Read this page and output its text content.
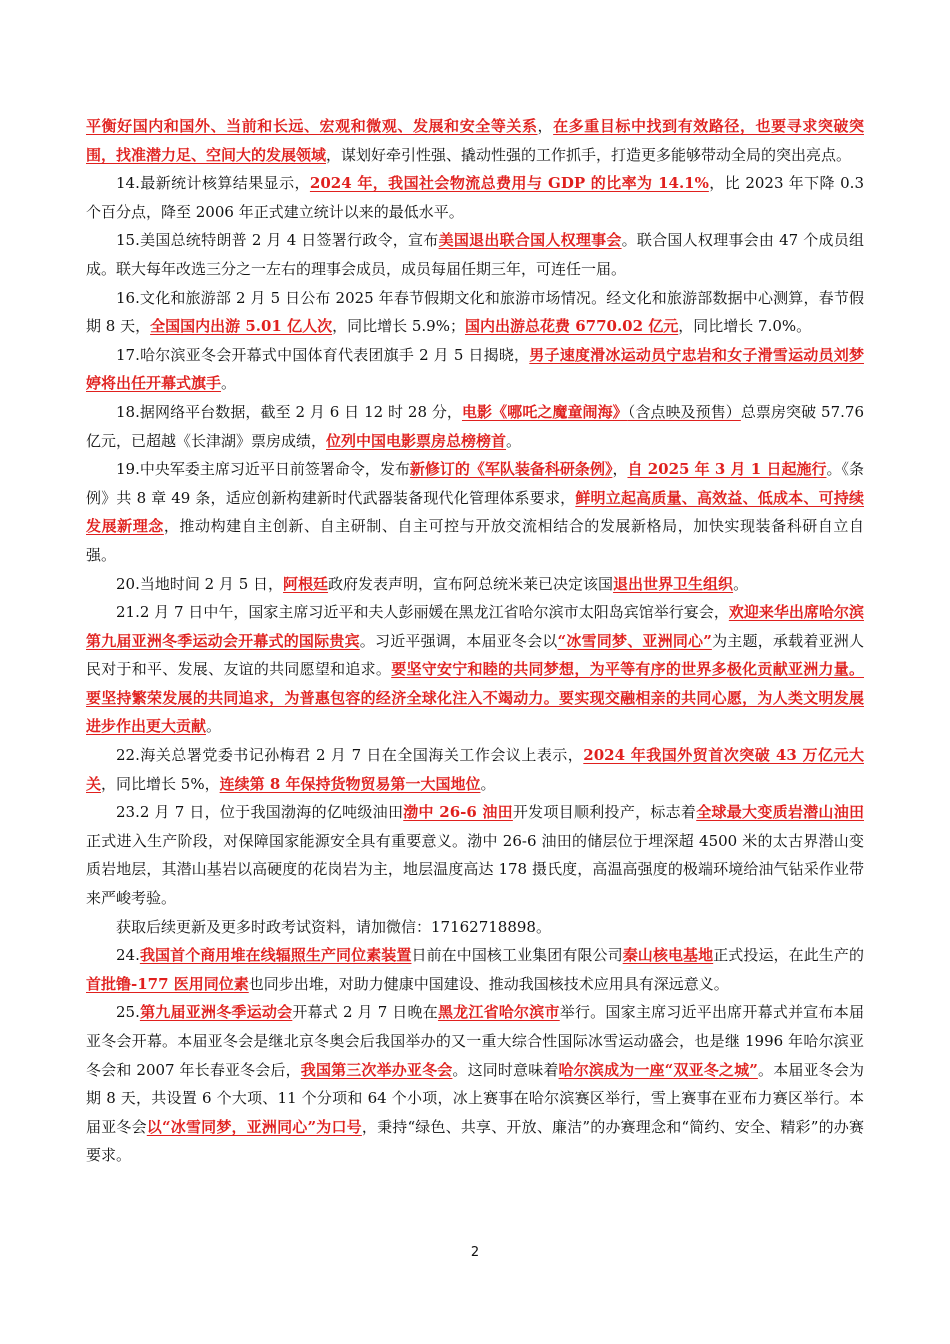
平衡好国内和国外、当前和长远、宏观和微观、发展和安全等关系，在多重目标中找到有效路径，也要寻求突破突围，找准潜力足、空间大的发展领域，谋划好牵引性强、撬动性强的工作抓手，打造更多能够带动全局的突出亮点。

14.最新统计核算结果显示，2024 年，我国社会物流总费用与 GDP 的比率为 14.1%，比 2023 年下降 0.3 个百分点，降至 2006 年正式建立统计以来的最低水平。

15.美国总统特朗普 2 月 4 日签署行政令，宣布美国退出联合国人权理事会。联合国人权理事会由 47 个成员组成。联大每年改选三分之一左右的理事会成员，成员每届任期三年，可连任一届。

16.文化和旅游部 2 月 5 日公布 2025 年春节假期文化和旅游市场情况。经文化和旅游部数据中心测算，春节假期 8 天，全国国内出游 5.01 亿人次，同比增长 5.9%；国内出游总花费 6770.02 亿元，同比增长 7.0%。

17.哈尔滨亚冬会开幕式中国体育代表团旗手 2 月 5 日揭晓，男子速度滑冰运动员宁忠岩和女子滑雪运动员刘梦婷将出任开幕式旗手。

18.据网络平台数据，截至 2 月 6 日 12 时 28 分，电影《哪吒之魔童闹海》（含点映及预售）总票房突破 57.76 亿元，已超越《长津湖》票房成绩，位列中国电影票房总榜榜首。

19.中央军委主席习近平日前签署命令，发布新修订的《军队装备科研条例》，自 2025 年 3 月 1 日起施行。《条例》共 8 章 49 条，适应创新构建新时代武器装备现代化管理体系要求，鲜明立起高质量、高效益、低成本、可持续发展新理念，推动构建自主创新、自主研制、自主可控与开放交流相结合的发展新格局，加快实现装备科研自立自强。

20.当地时间 2 月 5 日，阿根廷政府发表声明，宣布阿总统米莱已决定该国退出世界卫生组织。

21.2 月 7 日中午，国家主席习近平和夫人彭丽媛在黑龙江省哈尔滨市太阳岛宾馆举行宴会，欢迎来华出席哈尔滨第九届亚洲冬季运动会开幕式的国际贵宾。习近平强调，本届亚冬会以“冰雪同梦、亚洲同心”为主题，承载着亚洲人民对于和平、发展、友谊的共同愿望和追求。要坚守安宁和睦的共同梦想，为平等有序的世界多极化贡献亚洲力量。要坚持繁荣发展的共同追求，为普惠包容的经济全球化注入不竭动力。要实现交融相亲的共同心愿，为人类文明发展进步作出更大贡献。

22.海关总署党委书记孙梅君 2 月 7 日在全国海关工作会议上表示，2024 年我国外贸首次突破 43 万亿元大关，同比增长 5%，连续第 8 年保持货物贸易第一大国地位。

23.2 月 7 日，位于我国渤海的亿吨级油田渤中 26-6 油田开发项目顺利投产，标志着全球最大变质岩潜山油田正式进入生产阶段，对保障国家能源安全具有重要意义。渤中 26-6 油田的储层位于埋深超 4500 米的太古界潜山变质岩地层，其潜山基岩以高硬度的花岗岩为主，地层温度高达 178 摄氏度，高温高强度的极端环境给油气钻采作业带来严峻考验。

获取后续更新及更多时政考试资料，请加微信：17162718898。

24.我国首个商用堆在线辐照生产同位素装置日前在中国核工业集团有限公司秦山核电基地正式投运，在此生产的首批镥-177 医用同位素也同步出堆，对助力健康中国建设、推动我国核技术应用具有深远意义。

25.第九届亚洲冬季运动会开幕式 2 月 7 日晚在黑龙江省哈尔滨市举行。国家主席习近平出席开幕式并宣布本届亚冬会开幕。本届亚冬会是继北京冬奥会后我国举办的又一重大综合性国际冰雪运动盛会，也是继 1996 年哈尔滨亚冬会和 2007 年长春亚冬会后，我国第三次举办亚冬会。这同时意味着哈尔滨成为一座“双亚冬之城”。本届亚冬会为期 8 天，共设置 6 个大项、11 个分项和 64 个小项，冰上赛事在哈尔滨赛区举行，雪上赛事在亚布力赛区举行。本届亚冬会以“冰雪同梦，亚洲同心”为口号，秉持“绿色、共享、开放、廉洁”的办赛理念和“简约、安全、精彩”的办赛要求。

2
